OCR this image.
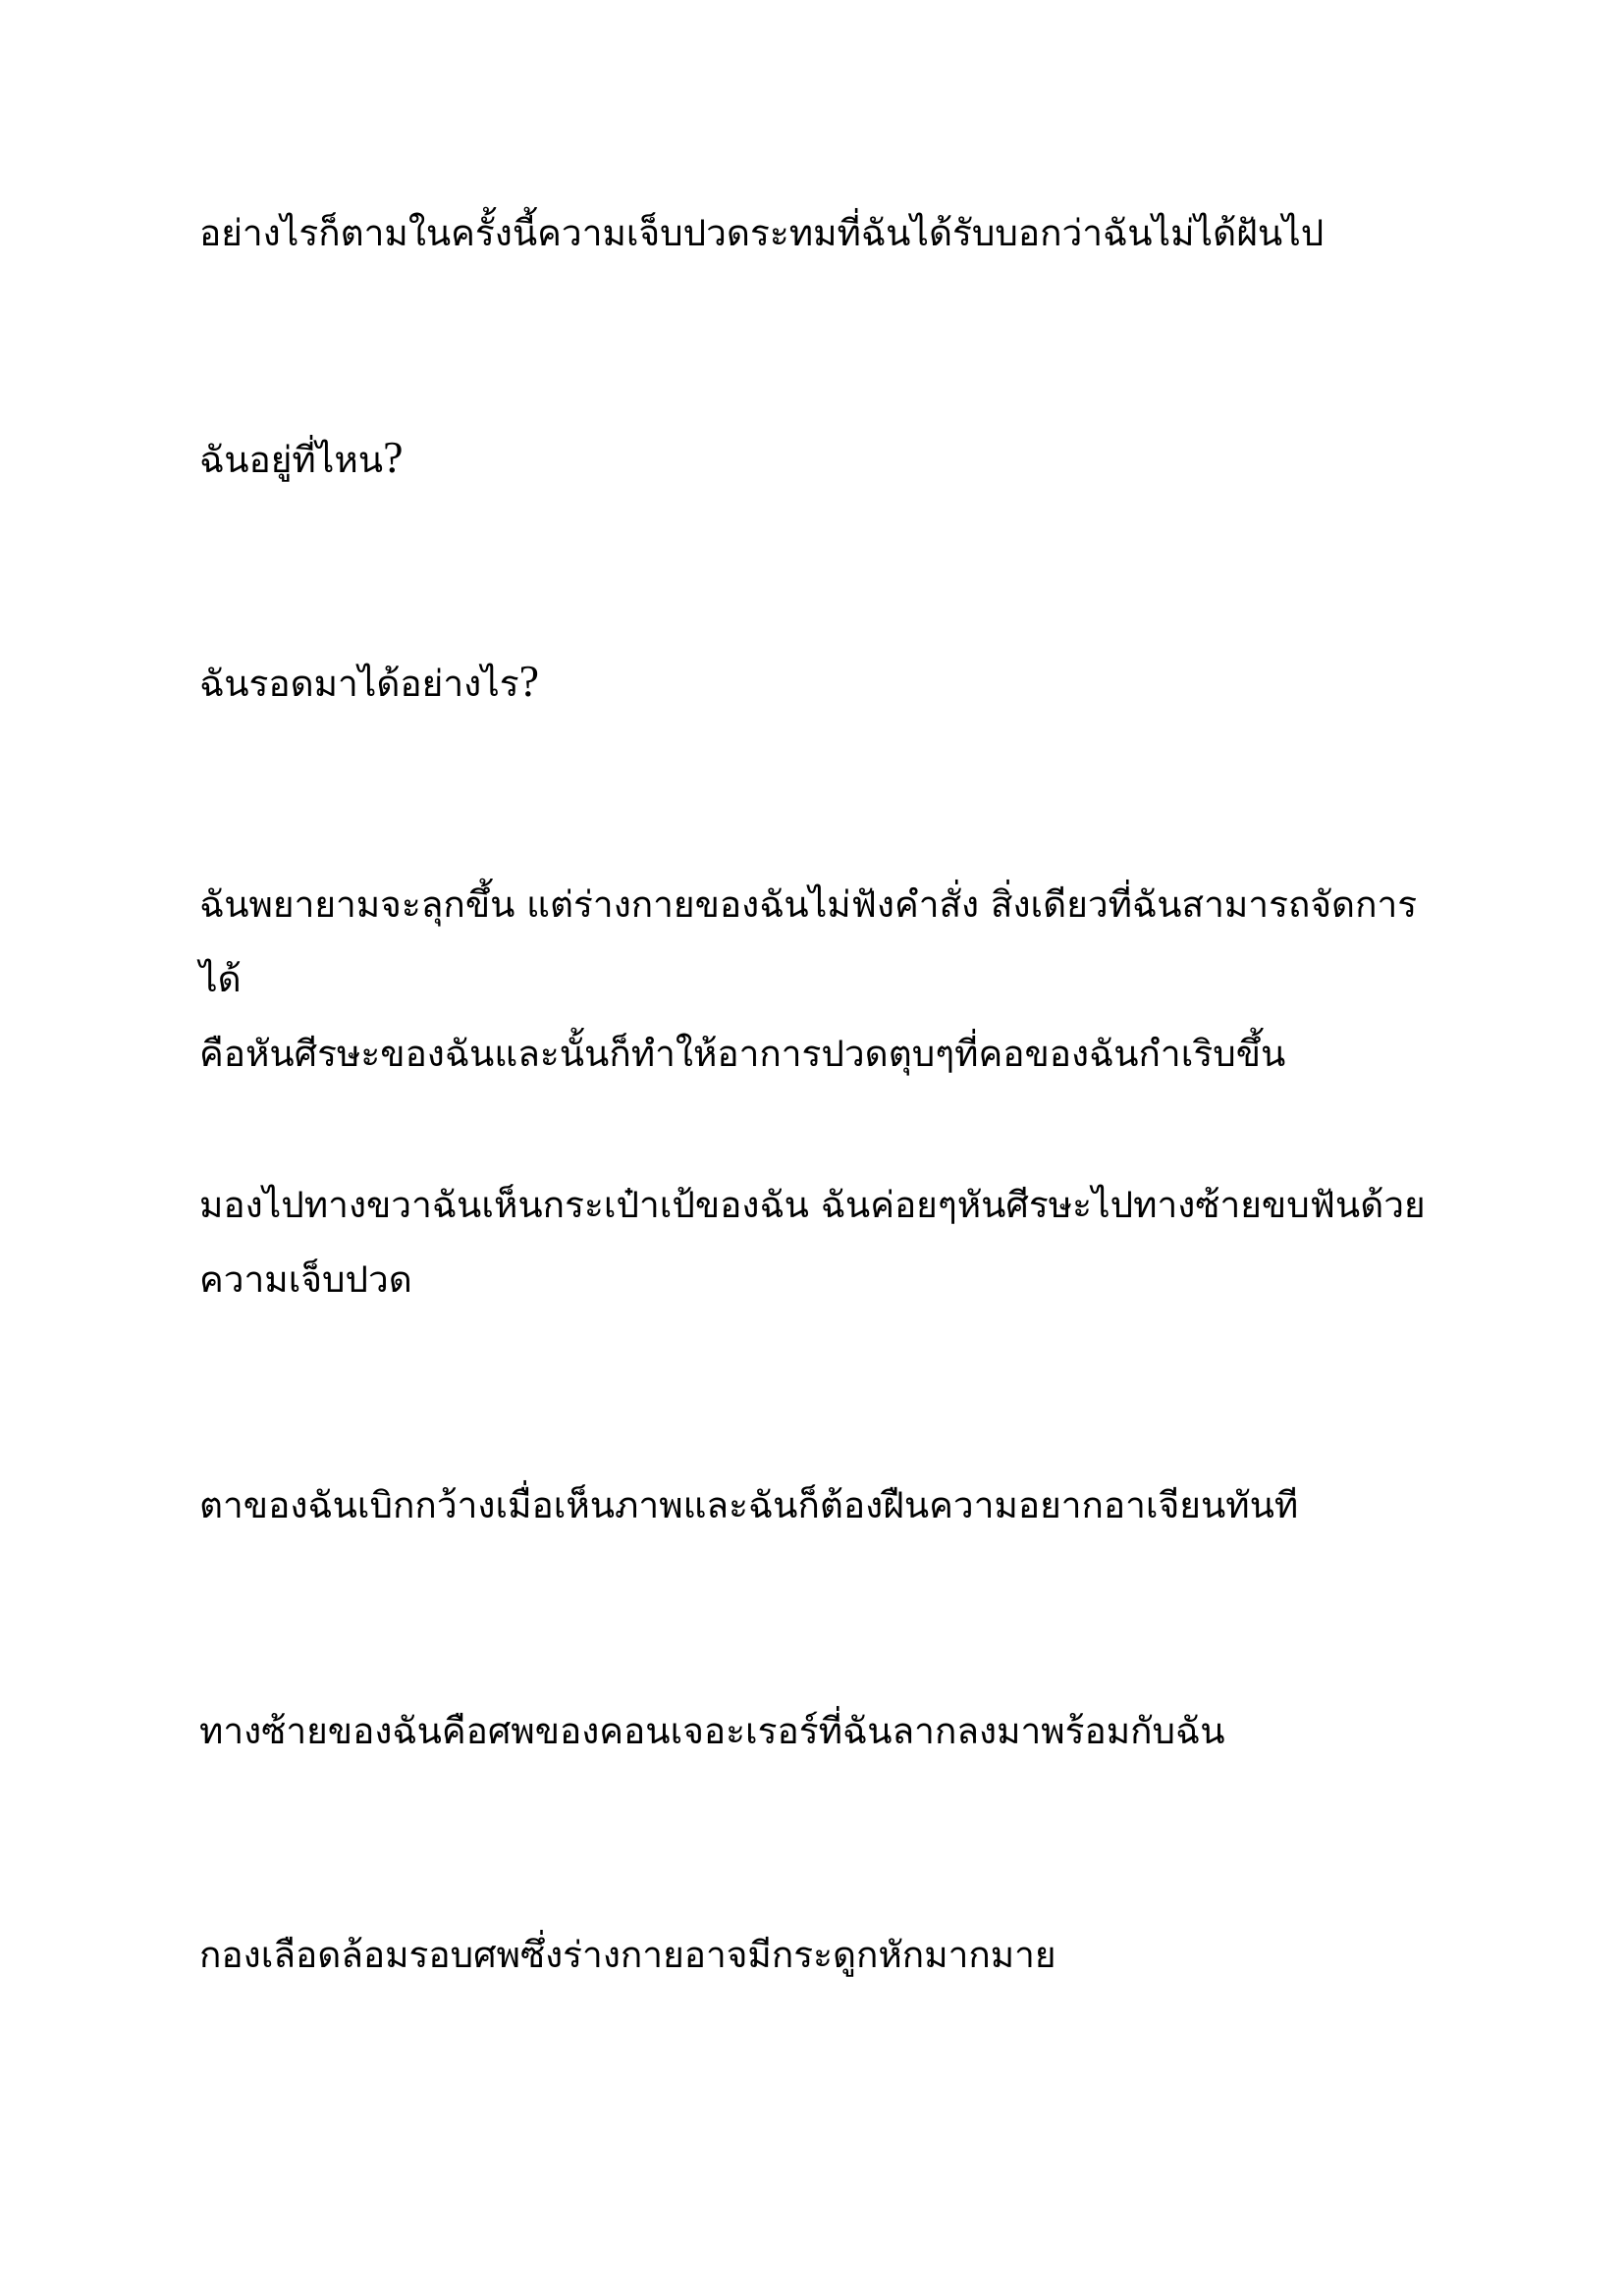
อย่างไรก็ตามในครั้งนี้ความเจ็บปวดระทมที่ฉันได้รับบอกว่าฉันไม่ได้ฝันไป

ฉันอยู่ที่ไหน?

ฉันรอดมาได้อย่างไร?

ฉันพยายามจะลุกขึ้น แต่ร่างกายของฉันไม่ฟังคำสั่ง สิ่งเดียวที่ฉันสามารถจัดการได้
คือหันศีรษะของฉันและนั้นก็ทำให้อาการปวดตุบๆที่คอของฉันกำเริบขึ้น

มองไปทางขวาฉันเห็นกระเป๋าเป้ของฉัน ฉันค่อยๆหันศีรษะไปทางซ้ายขบฟันด้วย
ความเจ็บปวด

ตาของฉันเบิกกว้างเมื่อเห็นภาพและฉันก็ต้องฝืนความอยากอาเจียนทันที

ทางซ้ายของฉันคือศพของคอนเจอะเรอร์ที่ฉันลากลงมาพร้อมกับฉัน

กองเลือดล้อมรอบศพซึ่งร่างกายอาจมีกระดูกหักมากมาย
